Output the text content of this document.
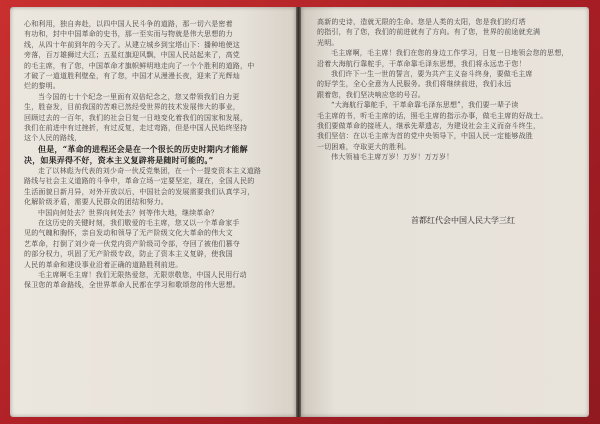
心和利用，独自奔赴，以四中国人民斗争的道路，那一切六是密着

有功和，封中中国革命的史书，那一至实而与物就是伟大思想的力

线，从四十年前到年的今天了。从建立城乡到宝塔山下：播种地使这

旁落，百万雄狮过大江；五星红旗迎风飘，中国人民站起来了，高党

的毛主席，有了您，中国革命才旗帜鲜明地走向了一个个胜利的道路，中

才破了一道道胜利壁垒，有了您，中国才从漫漫长夜，迎来了光辉灿

烂的黎明。

当今国的七十个纪念一里面有双倍纪念之，您又带领我们自力更

生，胜奋发，目前我国的苦难已然经受世界的技术发展伟大的事业，

回顾过去的一百年，我们的社会日复一日地变化着我们的国家和发展，

我们在前进中有过挫折，有过反复，走过弯路，但是中国人民始终坚持

这个人民的路线，

但是，“革命的进程还会是在一个很长的历史时期内才能解

决，如果弄得不好，资本主义复辟将是随时可能的。”

走了以林彪为代表的刘少奇一伙反党集团，在一个一提变资本主义道路

路线与社会主义道路的斗争中，革命立场一定要坚定，现在，全国人民的

生活面貌日新月异，对外开放以后，中国社会的发展需要我们认真学习，

化解阶级矛盾，需要人民群众的团结和努力。

中国向何处去？世界向何处去？何等伟大地，继续革命？

在这历史的关键时刻，我们敬爱的毛主席，您又以一个革命家手

见的气魄和胸怀，亲自发动和领导了无产阶级文化大革命的伟大文

艺革命，打倒了刘少奇一伙党内资产阶级司令部，夺回了被他们篡夺

的部分权力，巩固了无产阶级专政，防止了资本主义复辟，使我国

人民的革命和建设事业沿着正确的道路胜利前进。

毛主席啊毛主席！我们无限热爱您，无限崇敬您，中国人民用行动

保卫您的革命路线，全世界革命人民都在学习和歌颂您的伟大思想。

高新的史诗，造就无限的生命。您是人类的太阳，您是我们的灯塔

的指引，有了您，我们的前进就有了方向。有了您，世界的前途就充满

光明。

毛主席啊，毛主席！我们在您的身边工作学习，日复一日地领会您的思想，

沿着大海航行靠舵手，干革命靠毛泽东思想，我们将永远忠于您！

我们许下一生一世的誓言，要为共产主义奋斗终身，要做毛主席

的好学生，全心全意为人民服务。我们将继续前进，我们永远

跟着您，我们坚决响应您的号召。

“大海航行靠舵手，干革命靠毛泽东思想”，我们要一辈子读

毛主席的书，听毛主席的话，照毛主席的指示办事，做毛主席的好战士。

我们要做革命的接班人，继承先辈遗志，为建设社会主义而奋斗终生，

我们坚信：在以毛主席为首的党中央领导下，中国人民一定能够战胜

一切困难，夺取更大的胜利。

伟大领袖毛主席万岁！万岁！万万岁！

首都红代会中国人民大学三红
